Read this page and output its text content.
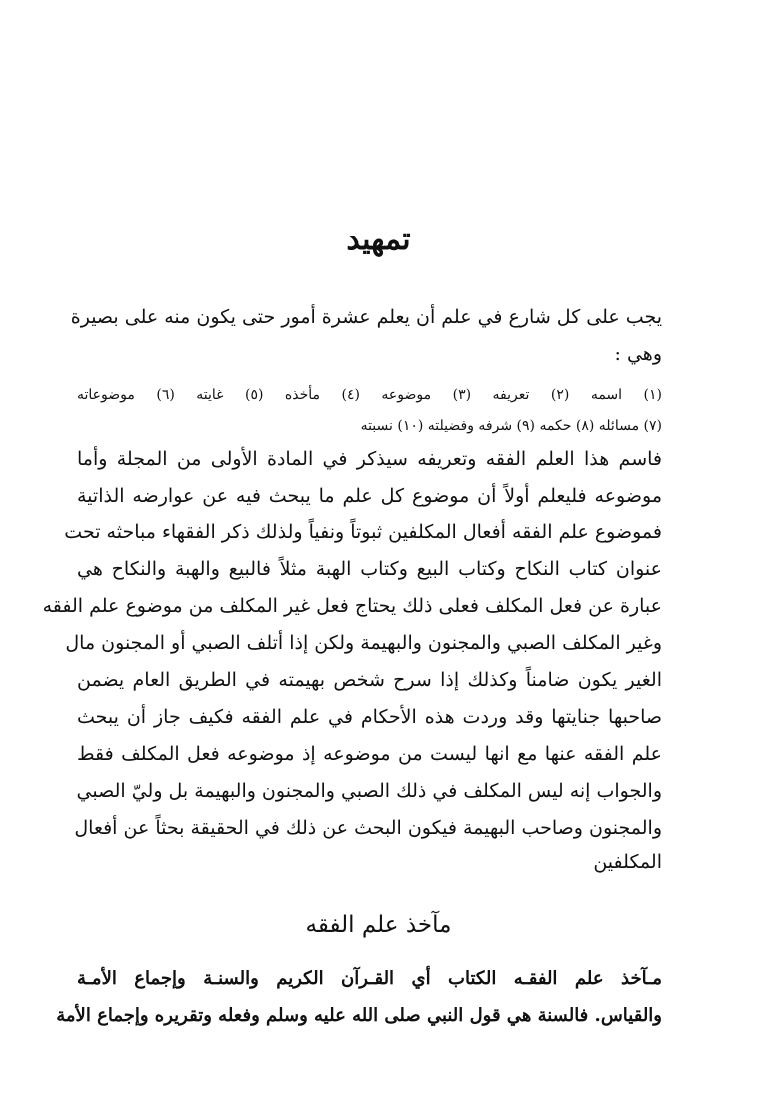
تمهيد
يجب على كل شارع في علم أن يعلم عشرة أمور حتى يكون منه على بصيرة
وهي :
(١) اسمه (٢) تعريفه (٣) موضوعه (٤) مأخذه (٥) غايته (٦) موضوعاته
(٧) مسائله (٨) حكمه (٩) شرفه وفضيلته (١٠) نسبته
فاسم هذا العلم الفقه وتعريفه سيذكر في المادة الأولى من المجلة وأما
موضوعه فليعلم أولاً أن موضوع كل علم ما يبحث فيه عن عوارضه الذاتية
فموضوع علم الفقه أفعال المكلفين ثبوتاً ونفياً ولذلك ذكر الفقهاء مباحثه تحت
عنوان كتاب النكاح وكتاب البيع وكتاب الهبة مثلاً فالبيع والهبة والنكاح هي
عبارة عن فعل المكلف فعلى ذلك يحتاج فعل غير المكلف من موضوع علم الفقه
وغير المكلف الصبي والمجنون والبهيمة ولكن إذا أتلف الصبي أو المجنون مال
الغير يكون ضامناً وكذلك إذا سرح شخص بهيمته في الطريق العام يضمن
صاحبها جنايتها وقد وردت هذه الأحكام في علم الفقه فكيف جاز أن يبحث
علم الفقه عنها مع انها ليست من موضوعه إذ موضوعه فعل المكلف فقط
والجواب إنه ليس المكلف في ذلك الصبي والمجنون والبهيمة بل وليّ الصبي
والمجنون وصاحب البهيمة فيكون البحث عن ذلك في الحقيقة بحثاً عن أفعال
المكلفين
مآخذ علم الفقه
مـآخذ علم الفقـه الكتاب أي القـرآن الكريم والسنـة وإجماع الأمـة
والقياس. فالسنة هي قول النبي صلى الله عليه وسلم وفعله وتقريره وإجماع الأمة
